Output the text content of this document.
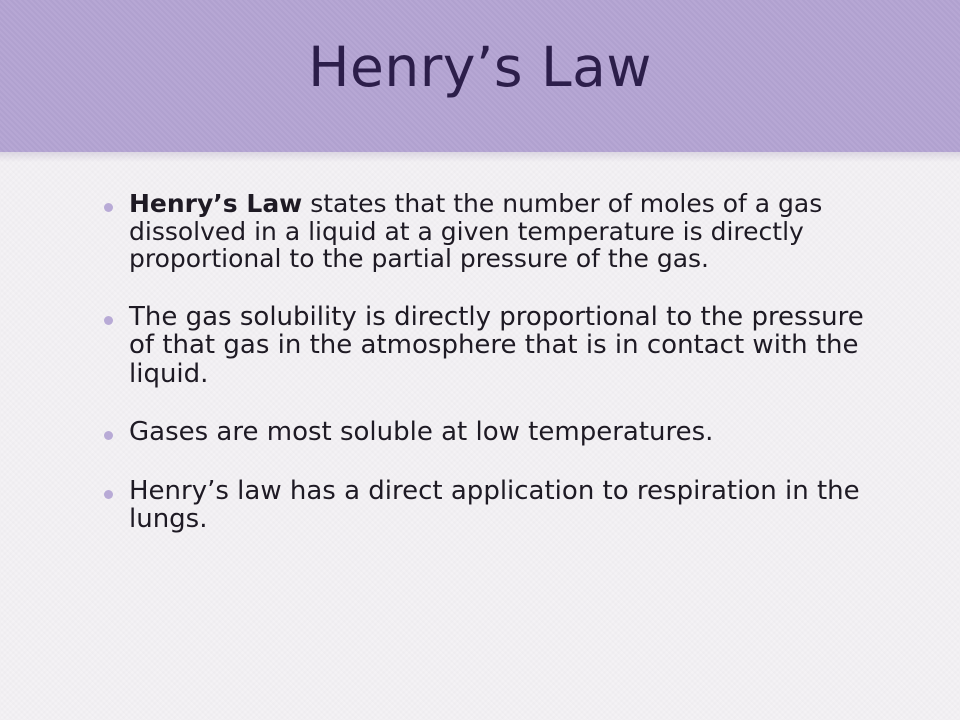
Henry’s Law
Henry’s Law states that the number of moles of a gas dissolved in a liquid at a given temperature is directly proportional to the partial pressure of the gas.
The gas solubility is directly proportional to the pressure of that gas in the atmosphere that is in contact with the liquid.
Gases are most soluble at low temperatures.
Henry’s law has a direct application to respiration in the lungs.
